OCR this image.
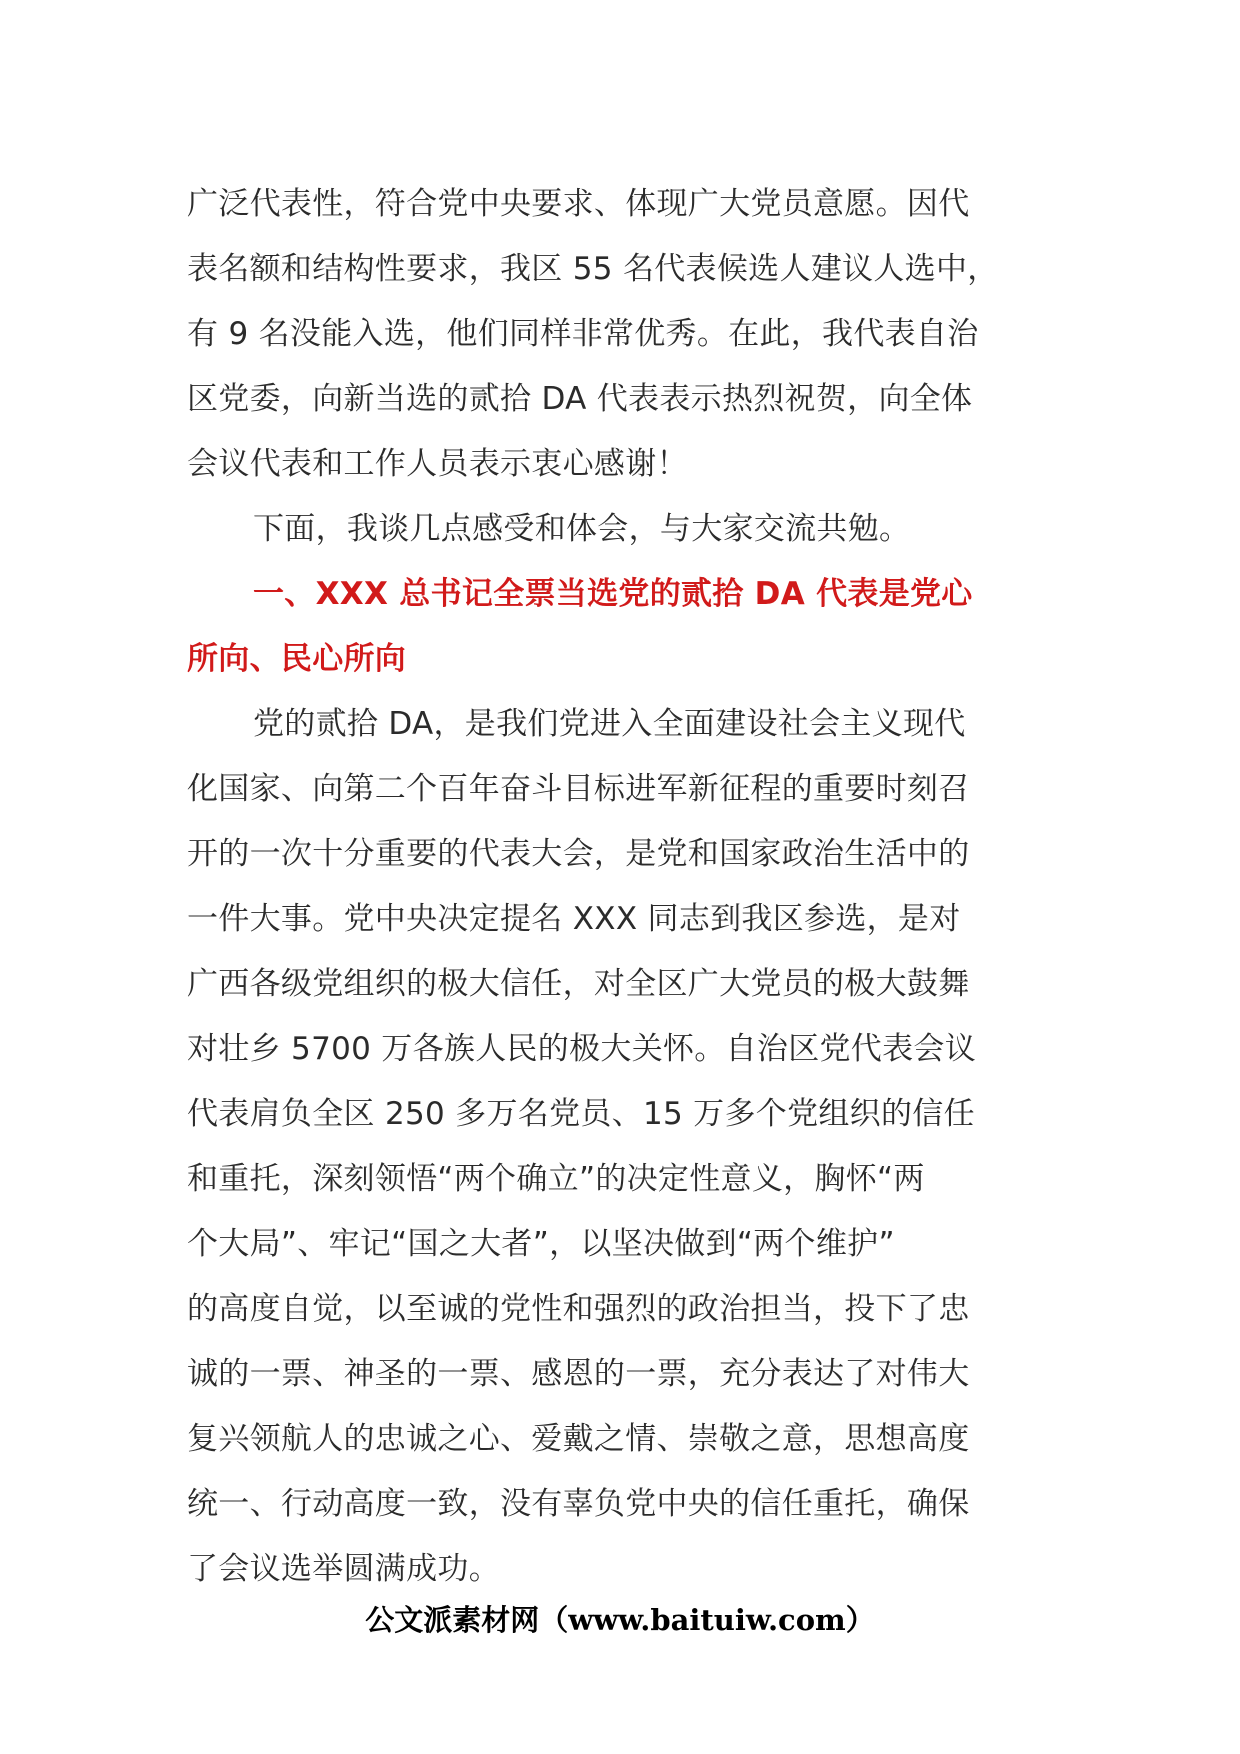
广泛代表性，符合党中央要求、体现广大党员意愿。因代
表名额和结构性要求，我区 55 名代表候选人建议人选中，
有 9 名没能入选，他们同样非常优秀。在此，我代表自治
区党委，向新当选的贰拾 DA 代表表示热烈祝贺，向全体
会议代表和工作人员表示衷心感谢！
下面，我谈几点感受和体会，与大家交流共勉。
一、XXX 总书记全票当选党的贰拾 DA 代表是党心
所向、民心所向
党的贰拾 DA，是我们党进入全面建设社会主义现代
化国家、向第二个百年奋斗目标进军新征程的重要时刻召
开的一次十分重要的代表大会，是党和国家政治生活中的
一件大事。党中央决定提名 XXX 同志到我区参选，是对
广西各级党组织的极大信任，对全区广大党员的极大鼓舞
对壮乡 5700 万各族人民的极大关怀。自治区党代表会议
代表肩负全区 250 多万名党员、15 万多个党组织的信任
和重托，深刻领悟“两个确立”的决定性意义，胸怀“两
个大局”、牢记“国之大者”，以坚决做到“两个维护”
的高度自觉，以至诚的党性和强烈的政治担当，投下了忠
诚的一票、神圣的一票、感恩的一票，充分表达了对伟大
复兴领航人的忠诚之心、爱戴之情、崇敬之意，思想高度
统一、行动高度一致，没有辜负党中央的信任重托，确保
了会议选举圆满成功。
公文派素材网（www.baituiw.com）
